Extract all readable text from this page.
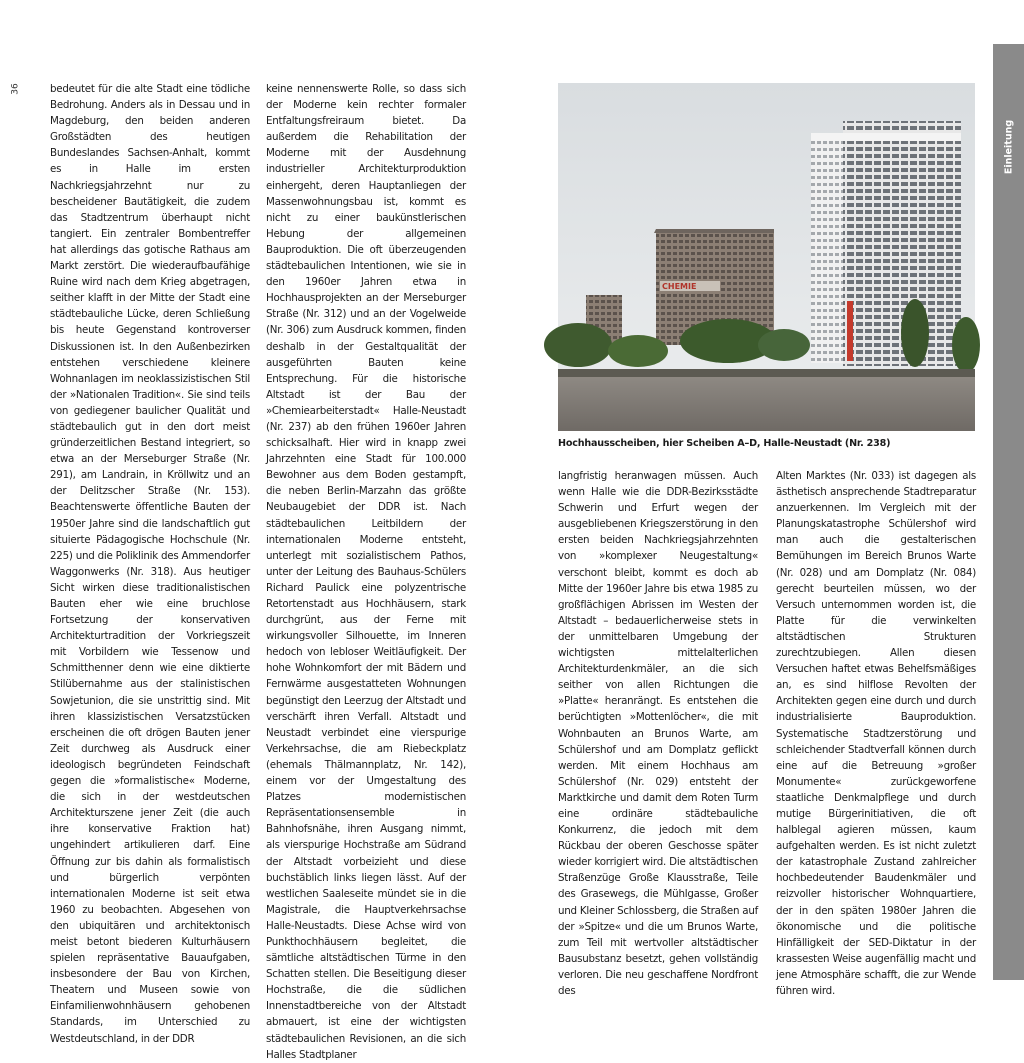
36	bedeutet für die alte Stadt eine tödliche Bedrohung. Anders als in Dessau und in Magdeburg, den beiden anderen Großstädten des heutigen Bundeslandes Sachsen-Anhalt, kommt es in Halle im ersten Nachkriegsjahrzehnt nur zu bescheidener Bautätigkeit, die zudem das Stadtzentrum überhaupt nicht tangiert. Ein zentraler Bombentreffer hat allerdings das gotische Rathaus am Markt zerstört. Die wiederaufbaufähige Ruine wird nach dem Krieg abgetragen, seither klafft in der Mitte der Stadt eine städtebauliche Lücke, deren Schließung bis heute Gegenstand kontroverser Diskussionen ist. In den Außenbezirken entstehen verschiedene kleinere Wohnanlagen im neoklassizistischen Stil der »Nationalen Tradition«. Sie sind teils von gediegener baulicher Qualität und städtebaulich gut in den dort meist gründerzeitlichen Bestand integriert, so etwa an der Merseburger Straße (Nr. 291), am Landrain, in Kröllwitz und an der Delitzscher Straße (Nr. 153). Beachtenswerte öffentliche Bauten der 1950er Jahre sind die landschaftlich gut situierte Pädagogische Hochschule (Nr. 225) und die Poliklinik des Ammendorfer Waggonwerks (Nr. 318). Aus heutiger Sicht wirken diese traditionalistischen Bauten eher wie eine bruchlose Fortsetzung der konservativen Architekturtradition der Vorkriegszeit mit Vorbildern wie Tessenow und Schmitthenner denn wie eine diktierte Stilübernahme aus der stalinistischen Sowjetunion, die sie unstrittig sind. Mit ihren klassizistischen Versatzstücken erscheinen die oft drögen Bauten jener Zeit durchweg als Ausdruck einer ideologisch begründeten Feindschaft gegen die »formalistische« Moderne, die sich in der westdeutschen Architekturszene jener Zeit (die auch ihre konservative Fraktion hat) ungehindert artikulieren darf. Eine Öffnung zur bis dahin als formalistisch und bürgerlich verpönten internationalen Moderne ist seit etwa 1960 zu beobachten. Abgesehen von den ubiquitären und architektonisch meist betont biederen Kulturhäusern spielen repräsentative Bauaufgaben, insbesondere der Bau von Kirchen, Theatern und Museen sowie von Einfamilienwohnhäusern gehobenen Standards, im Unterschied zu Westdeutschland, in der DDR
keine nennenswerte Rolle, so dass sich der Moderne kein rechter formaler Entfaltungsfreiraum bietet. Da außerdem die Rehabilitation der Moderne mit der Ausdehnung industrieller Architekturproduktion einhergeht, deren Hauptanliegen der Massenwohnungsbau ist, kommt es nicht zu einer baukünstlerischen Hebung der allgemeinen Bauproduktion. Die oft überzeugenden städtebaulichen Intentionen, wie sie in den 1960er Jahren etwa in Hochhausprojekten an der Merseburger Straße (Nr. 312) und an der Vogelweide (Nr. 306) zum Ausdruck kommen, finden deshalb in der Gestaltqualität der ausgeführten Bauten keine Entsprechung. Für die historische Altstadt ist der Bau der »Chemiearbeiterstadt« Halle-Neustadt (Nr. 237) ab den frühen 1960er Jahren schicksalhaft. Hier wird in knapp zwei Jahrzehnten eine Stadt für 100.000 Bewohner aus dem Boden gestampft, die neben Berlin-Marzahn das größte Neubaugebiet der DDR ist. Nach städtebaulichen Leitbildern der internationalen Moderne entsteht, unterlegt mit sozialistischem Pathos, unter der Leitung des Bauhaus-Schülers Richard Paulick eine polyzentrische Retortenstadt aus Hochhäusern, stark durchgrünt, aus der Ferne mit wirkungsvoller Silhouette, im Inneren hedoch von lebloser Weitläufigkeit. Der hohe Wohnkomfort der mit Bädern und Fernwärme ausgestatteten Wohnungen begünstigt den Leerzug der Altstadt und verschärft ihren Verfall. Altstadt und Neustadt verbindet eine vierspurige Verkehrsachse, die am Riebeckplatz (ehemals Thälmannplatz, Nr. 142), einem vor der Umgestaltung des Platzes modernistischen Repräsentationsensemble in Bahnhofsnähe, ihren Ausgang nimmt, als vierspurige Hochstraße am Südrand der Altstadt vorbeizieht und diese buchstäblich links liegen lässt. Auf der westlichen Saaleseite mündet sie in die Magistrale, die Hauptverkehrsachse Halle-Neustadts. Diese Achse wird von Punkthochhäusern begleitet, die sämtliche altstädtischen Türme in den Schatten stellen. Die Beseitigung dieser Hochstraße, die die südlichen Innenstadtbereiche von der Altstadt abmauert, ist eine der wichtigsten städtebaulichen Revisionen, an die sich Halles Stadtplaner
CHEMIE
Hochhausscheiben, hier Scheiben A–D, Halle-Neustadt (Nr. 238)
langfristig heranwagen müssen. Auch wenn Halle wie die DDR-Bezirksstädte Schwerin und Erfurt wegen der ausgebliebenen Kriegszerstörung in den ersten beiden Nachkriegsjahrzehnten von »komplexer Neugestaltung« verschont bleibt, kommt es doch ab Mitte der 1960er Jahre bis etwa 1985 zu großflächigen Abrissen im Westen der Altstadt – bedauerlicherweise stets in der unmittelbaren Umgebung der wichtigsten mittelalterlichen Architekturdenkmäler, an die sich seither von allen Richtungen die »Platte« heranrängt. Es entstehen die berüchtigten »Mottenlöcher«, die mit Wohnbauten an Brunos Warte, am Schülershof und am Domplatz geflickt werden. Mit einem Hochhaus am Schülershof (Nr. 029) entsteht der Marktkirche und damit dem Roten Turm eine ordinäre städtebauliche Konkurrenz, die jedoch mit dem Rückbau der oberen Geschosse später wieder korrigiert wird. Die altstädtischen Straßenzüge Große Klausstraße, Teile des Grasewegs, die Mühlgasse, Großer und Kleiner Schlossberg, die Straßen auf der »Spitze« und die um Brunos Warte, zum Teil mit wertvoller altstädtischer Bausubstanz besetzt, gehen vollständig verloren. Die neu geschaffene Nordfront des
Alten Marktes (Nr. 033) ist dagegen als ästhetisch ansprechende Stadtreparatur anzuerkennen. Im Vergleich mit der Planungskatastrophe Schülershof wird man auch die gestalterischen Bemühungen im Bereich Brunos Warte (Nr. 028) und am Domplatz (Nr. 084) gerecht beurteilen müssen, wo der Versuch unternommen worden ist, die Platte für die verwinkelten altstädtischen Strukturen zurechtzubiegen. Allen diesen Versuchen haftet etwas Behelfsmäßiges an, es sind hilflose Revolten der Architekten gegen eine durch und durch industrialisierte Bauproduktion. Systematische Stadtzerstörung und schleichender Stadtverfall können durch eine auf die Betreuung »großer Monumente« zurückgeworfene staatliche Denkmalpflege und durch mutige Bürgerinitiativen, die oft halblegal agieren müssen, kaum aufgehalten werden. Es ist nicht zuletzt der katastrophale Zustand zahlreicher hochbedeutender Baudenkmäler und reizvoller historischer Wohnquartiere, der in den späten 1980er Jahren die ökonomische und die politische Hinfälligkeit der SED-Diktatur in der krassesten Weise augenfällig macht und jene Atmosphäre schafft, die zur Wende führen wird.
Einleitung
